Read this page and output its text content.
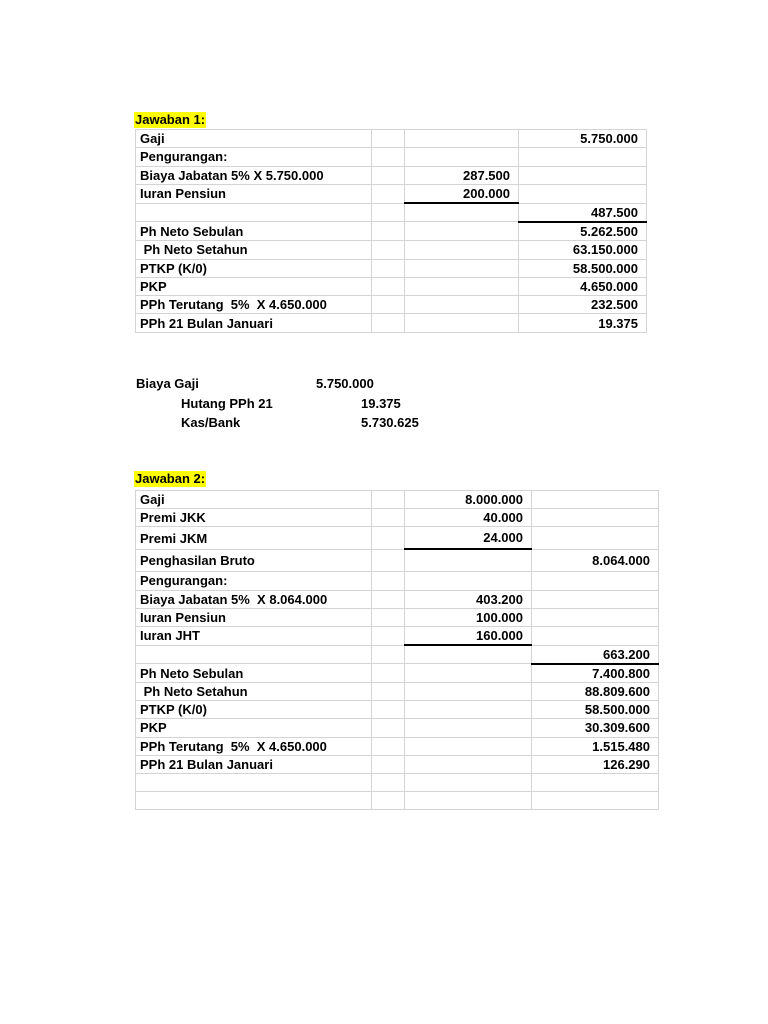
Jawaban 1:
Gaji			5.750.000
Pengurangan:			
Biaya Jabatan 5% X 5.750.000		287.500	
Iuran Pensiun		200.000	
			487.500
Ph Neto Sebulan			5.262.500
Ph Neto Setahun			63.150.000
PTKP (K/0)			58.500.000
PKP			4.650.000
PPh Terutang  5%  X 4.650.000			232.500
PPh 21 Bulan Januari			19.375
Biaya Gaji	5.750.000
Hutang PPh 21	19.375
Kas/Bank	5.730.625
Jawaban 2:
Gaji		8.000.000	
Premi JKK		40.000	
Premi JKM		24.000	
Penghasilan Bruto			8.064.000
Pengurangan:			
Biaya Jabatan 5%  X 8.064.000		403.200	
Iuran Pensiun		100.000	
Iuran JHT		160.000	
			663.200
Ph Neto Sebulan			7.400.800
Ph Neto Setahun			88.809.600
PTKP (K/0)			58.500.000
PKP			30.309.600
PPh Terutang  5%  X 4.650.000			1.515.480
PPh 21 Bulan Januari			126.290
